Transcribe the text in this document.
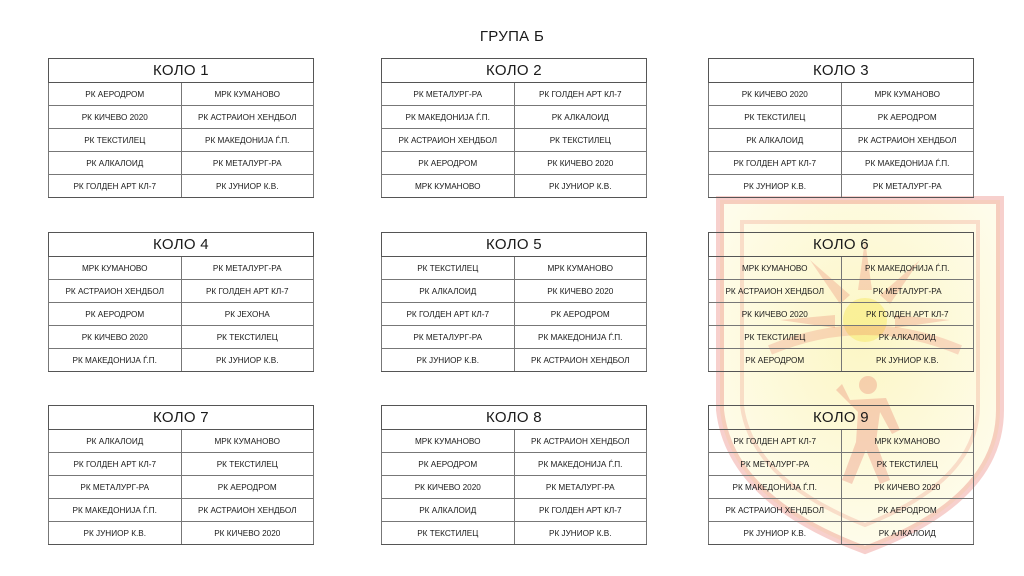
ГРУПА Б
КОЛО 1	
РК АЕРОДРОМ	МРК КУМАНОВО
РК КИЧЕВО 2020	РК АСТРАИОН ХЕНДБОЛ
РК ТЕКСТИЛЕЦ	РК МАКЕДОНИЈА Ѓ.П.
РК АЛКАЛОИД	РК МЕТАЛУРГ-РА
РК ГОЛДЕН АРТ КЛ-7	РК ЈУНИОР К.В.
КОЛО 2	
РК МЕТАЛУРГ-РА	РК ГОЛДЕН АРТ КЛ-7
РК МАКЕДОНИЈА Ѓ.П.	РК АЛКАЛОИД
РК АСТРАИОН ХЕНДБОЛ	РК ТЕКСТИЛЕЦ
РК АЕРОДРОМ	РК КИЧЕВО 2020
МРК КУМАНОВО	РК ЈУНИОР К.В.
КОЛО 3	
РК КИЧЕВО 2020	МРК КУМАНОВО
РК ТЕКСТИЛЕЦ	РК АЕРОДРОМ
РК АЛКАЛОИД	РК АСТРАИОН ХЕНДБОЛ
РК ГОЛДЕН АРТ КЛ-7	РК МАКЕДОНИЈА Ѓ.П.
РК ЈУНИОР К.В.	РК МЕТАЛУРГ-РА
КОЛО 4	
МРК КУМАНОВО	РК МЕТАЛУРГ-РА
РК АСТРАИОН ХЕНДБОЛ	РК ГОЛДЕН АРТ КЛ-7
РК АЕРОДРОМ	РК ЈЕХОНА
РК КИЧЕВО 2020	РК ТЕКСТИЛЕЦ
РК МАКЕДОНИЈА Ѓ.П.	РК ЈУНИОР К.В.
КОЛО 5	
РК ТЕКСТИЛЕЦ	МРК КУМАНОВО
РК АЛКАЛОИД	РК КИЧЕВО 2020
РК ГОЛДЕН АРТ КЛ-7	РК АЕРОДРОМ
РК МЕТАЛУРГ-РА	РК МАКЕДОНИЈА Ѓ.П.
РК ЈУНИОР К.В.	РК АСТРАИОН ХЕНДБОЛ
КОЛО 6	
МРК КУМАНОВО	РК МАКЕДОНИЈА Ѓ.П.
РК АСТРАИОН ХЕНДБОЛ	РК МЕТАЛУРГ-РА
РК КИЧЕВО 2020	РК ГОЛДЕН АРТ КЛ-7
РК ТЕКСТИЛЕЦ	РК АЛКАЛОИД
РК АЕРОДРОМ	РК ЈУНИОР К.В.
КОЛО 7	
РК АЛКАЛОИД	МРК КУМАНОВО
РК ГОЛДЕН АРТ КЛ-7	РК ТЕКСТИЛЕЦ
РК МЕТАЛУРГ-РА	РК АЕРОДРОМ
РК МАКЕДОНИЈА Ѓ.П.	РК АСТРАИОН ХЕНДБОЛ
РК ЈУНИОР К.В.	РК КИЧЕВО 2020
КОЛО 8	
МРК КУМАНОВО	РК АСТРАИОН ХЕНДБОЛ
РК АЕРОДРОМ	РК МАКЕДОНИЈА Ѓ.П.
РК КИЧЕВО 2020	РК МЕТАЛУРГ-РА
РК АЛКАЛОИД	РК ГОЛДЕН АРТ КЛ-7
РК ТЕКСТИЛЕЦ	РК ЈУНИОР К.В.
КОЛО 9	
РК ГОЛДЕН АРТ КЛ-7	МРК КУМАНОВО
РК МЕТАЛУРГ-РА	РК ТЕКСТИЛЕЦ
РК МАКЕДОНИЈА Ѓ.П.	РК КИЧЕВО 2020
РК АСТРАИОН ХЕНДБОЛ	РК АЕРОДРОМ
РК ЈУНИОР К.В.	РК АЛКАЛОИД
